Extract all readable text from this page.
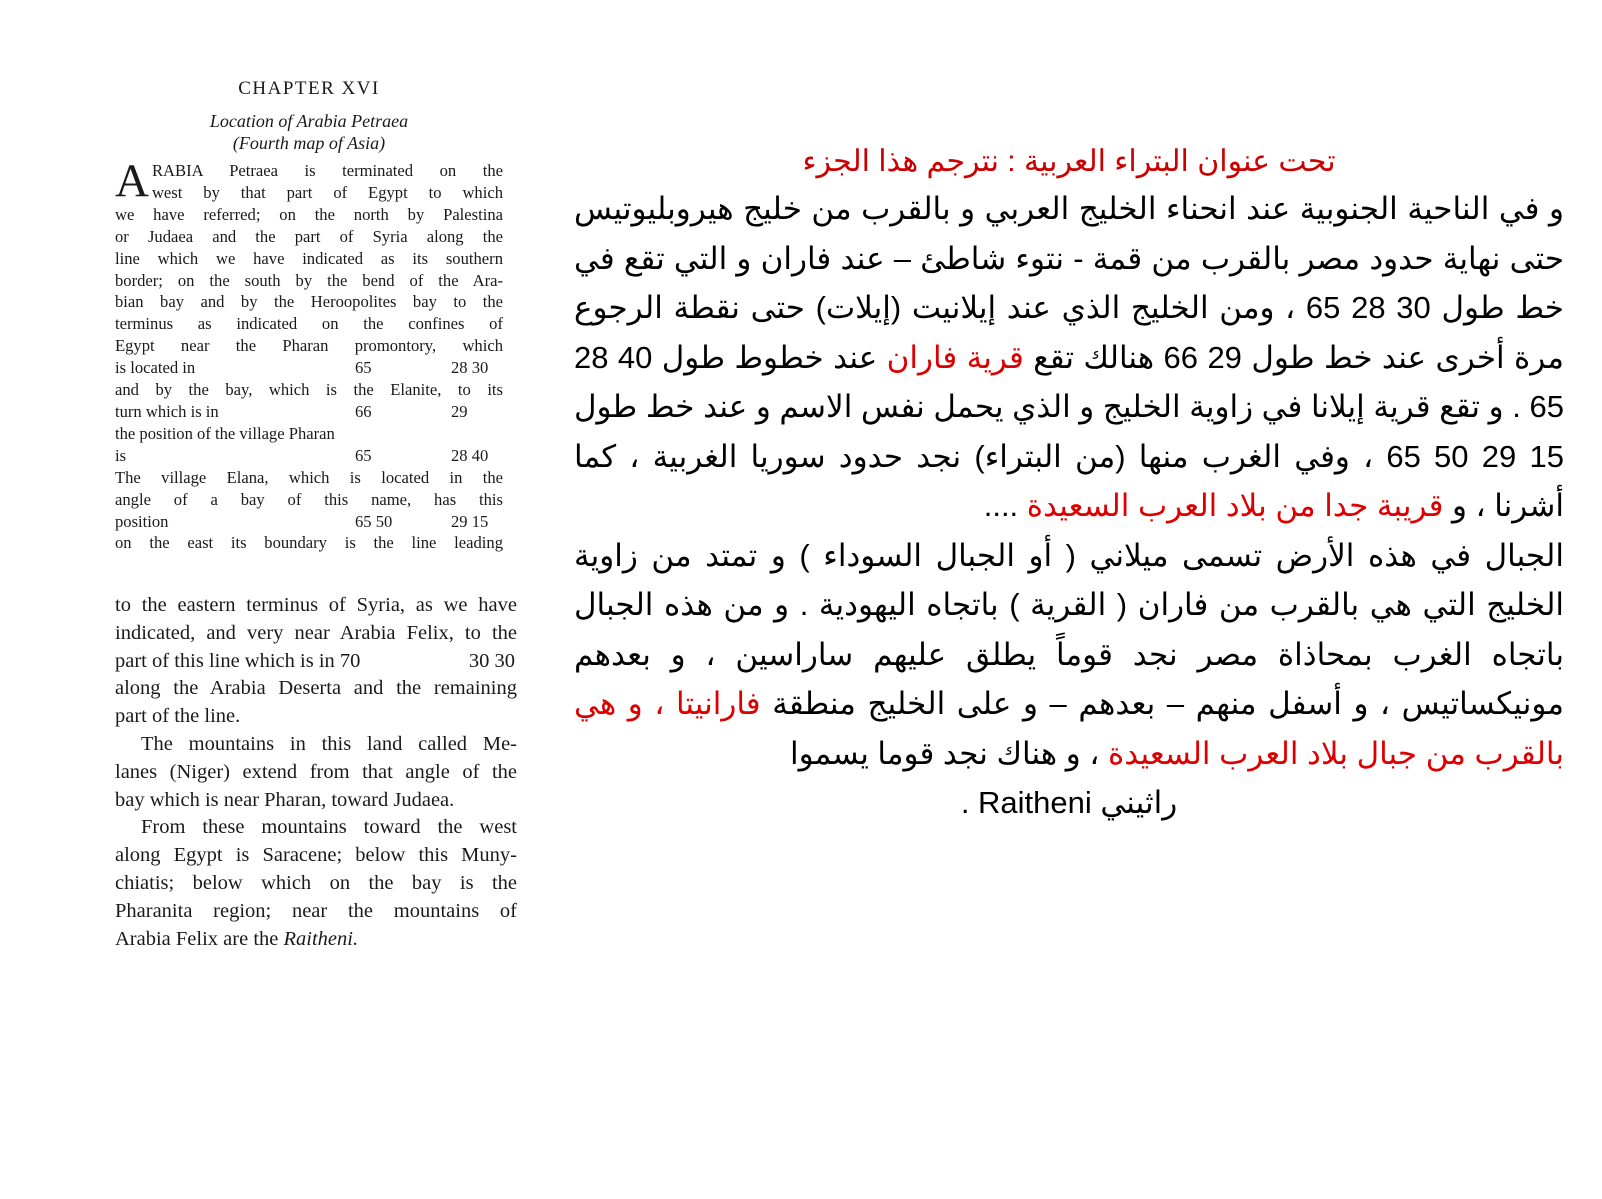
CHAPTER XVI
Location of Arabia Petraea
(Fourth map of Asia)
A RABIA Petraea is terminated on the
west by that part of Egypt to which
we have referred; on the north by Palestina
or Judaea and the part of Syria along the
line which we have indicated as its southern
border; on the south by the bend of the Ara-
bian bay and by the Heroopolites bay to the
terminus as indicated on the confines of
Egypt near the Pharan promontory, which
is located in	65	28 30
and by the bay, which is the Elanite, to its
turn which is in	66	29
the position of the village Pharan
is	65	28 40
The village Elana, which is located in the
angle of a bay of this name, has this
position	65 50	29 15
on the east its boundary is the line leading
to the eastern terminus of Syria, as we have
indicated, and very near Arabia Felix, to the
part of this line which is in 70	30 30
along the Arabia Deserta and the remaining
part of the line.
The mountains in this land called Me-
lanes (Niger) extend from that angle of the
bay which is near Pharan, toward Judaea.
From these mountains toward the west
along Egypt is Saracene; below this Muny-
chiatis; below which on the bay is the
Pharanita region; near the mountains of
Arabia Felix are the Raitheni.
تحت عنوان البتراء العربية : نترجم هذا الجزء
و في الناحية الجنوبية عند انحناء الخليج العربي و بالقرب من خليج هيروبليوتيس حتى نهاية حدود مصر بالقرب من قمة - نتوء شاطئ – عند فاران و التي تقع في خط طول 30 28 65 ، ومن الخليج الذي عند إيلانيت (إيلات) حتى نقطة الرجوع مرة أخرى عند خط طول 29 66 هنالك تقع قرية فاران عند خطوط طول 40 28 65 . و تقع قرية إيلانا في زاوية الخليج و الذي يحمل نفس الاسم و عند خط طول 15 29 50 65 ، وفي الغرب منها (من البتراء) نجد حدود سوريا الغربية ، كما أشرنا ، و قريبة جدا من بلاد العرب السعيدة ....
الجبال في هذه الأرض تسمى ميلاني ( أو الجبال السوداء ) و تمتد من زاوية الخليج التي هي بالقرب من فاران ( القرية ) باتجاه اليهودية . و من هذه الجبال باتجاه الغرب بمحاذاة مصر نجد قوماً يطلق عليهم ساراسين ، و بعدهم مونيكساتيس ، و أسفل منهم – بعدهم – و على الخليج منطقة فارانيتا ، و هي بالقرب من جبال بلاد العرب السعيدة ، و هناك نجد قوما يسموا
راثيني Raitheni .
